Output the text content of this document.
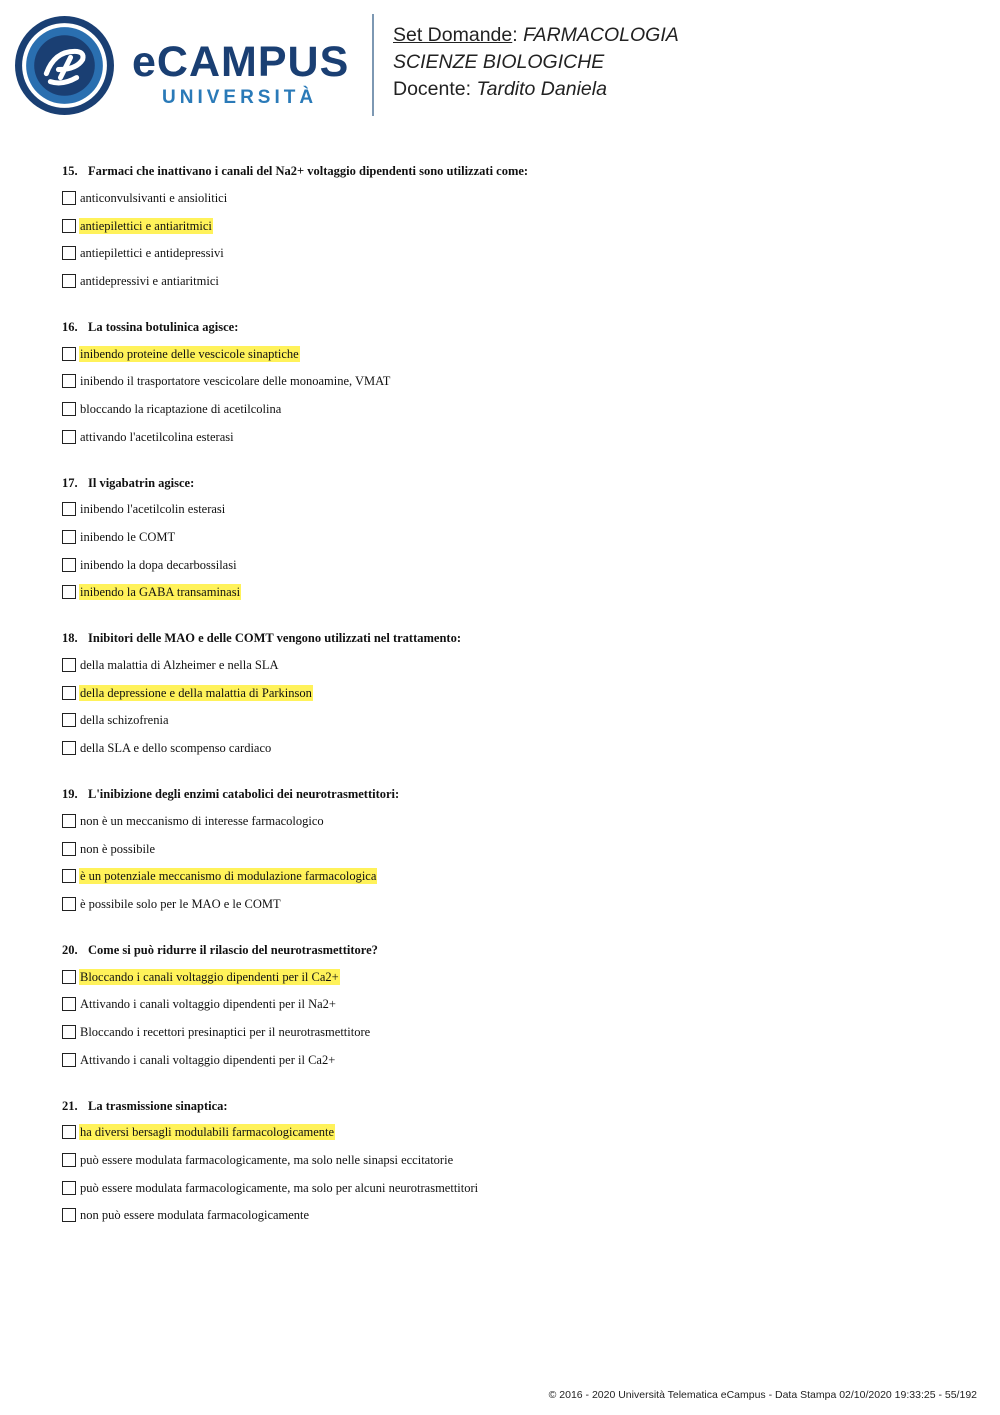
eCAMPUS
UNIVERSITÀ
Set Domande: FARMACOLOGIA
SCIENZE BIOLOGICHE
Docente: Tardito Daniela
15. Farmaci che inattivano i canali del Na2+ voltaggio dipendenti sono utilizzati come:
anticonvulsivanti e ansiolitici
antiepilettici e antiaritmici
antiepilettici e antidepressivi
antidepressivi e antiaritmici
16. La tossina botulinica agisce:
inibendo proteine delle vescicole sinaptiche
inibendo il trasportatore vescicolare delle monoamine, VMAT
bloccando la ricaptazione di acetilcolina
attivando l'acetilcolina esterasi
17. Il vigabatrin agisce:
inibendo l'acetilcolin esterasi
inibendo le COMT
inibendo la dopa decarbossilasi
inibendo la GABA transaminasi
18. Inibitori delle MAO e delle COMT vengono utilizzati nel trattamento:
della malattia di Alzheimer e nella SLA
della depressione e della malattia di Parkinson
della schizofrenia
della SLA e dello scompenso cardiaco
19. L'inibizione degli enzimi catabolici dei neurotrasmettitori:
non è un meccanismo di interesse farmacologico
non è possibile
è un potenziale meccanismo di modulazione farmacologica
è possibile solo per le MAO e le COMT
20. Come si può ridurre il rilascio del neurotrasmettitore?
Bloccando i canali voltaggio dipendenti per il Ca2+
Attivando i canali voltaggio dipendenti per il Na2+
Bloccando i recettori presinaptici per il neurotrasmettitore
Attivando i canali voltaggio dipendenti per il Ca2+
21. La trasmissione sinaptica:
ha diversi bersagli modulabili farmacologicamente
può essere modulata farmacologicamente, ma solo nelle sinapsi eccitatorie
può essere modulata farmacologicamente, ma solo per alcuni neurotrasmettitori
non può essere modulata farmacologicamente
© 2016 - 2020 Università Telematica eCampus - Data Stampa 02/10/2020 19:33:25 - 55/192
